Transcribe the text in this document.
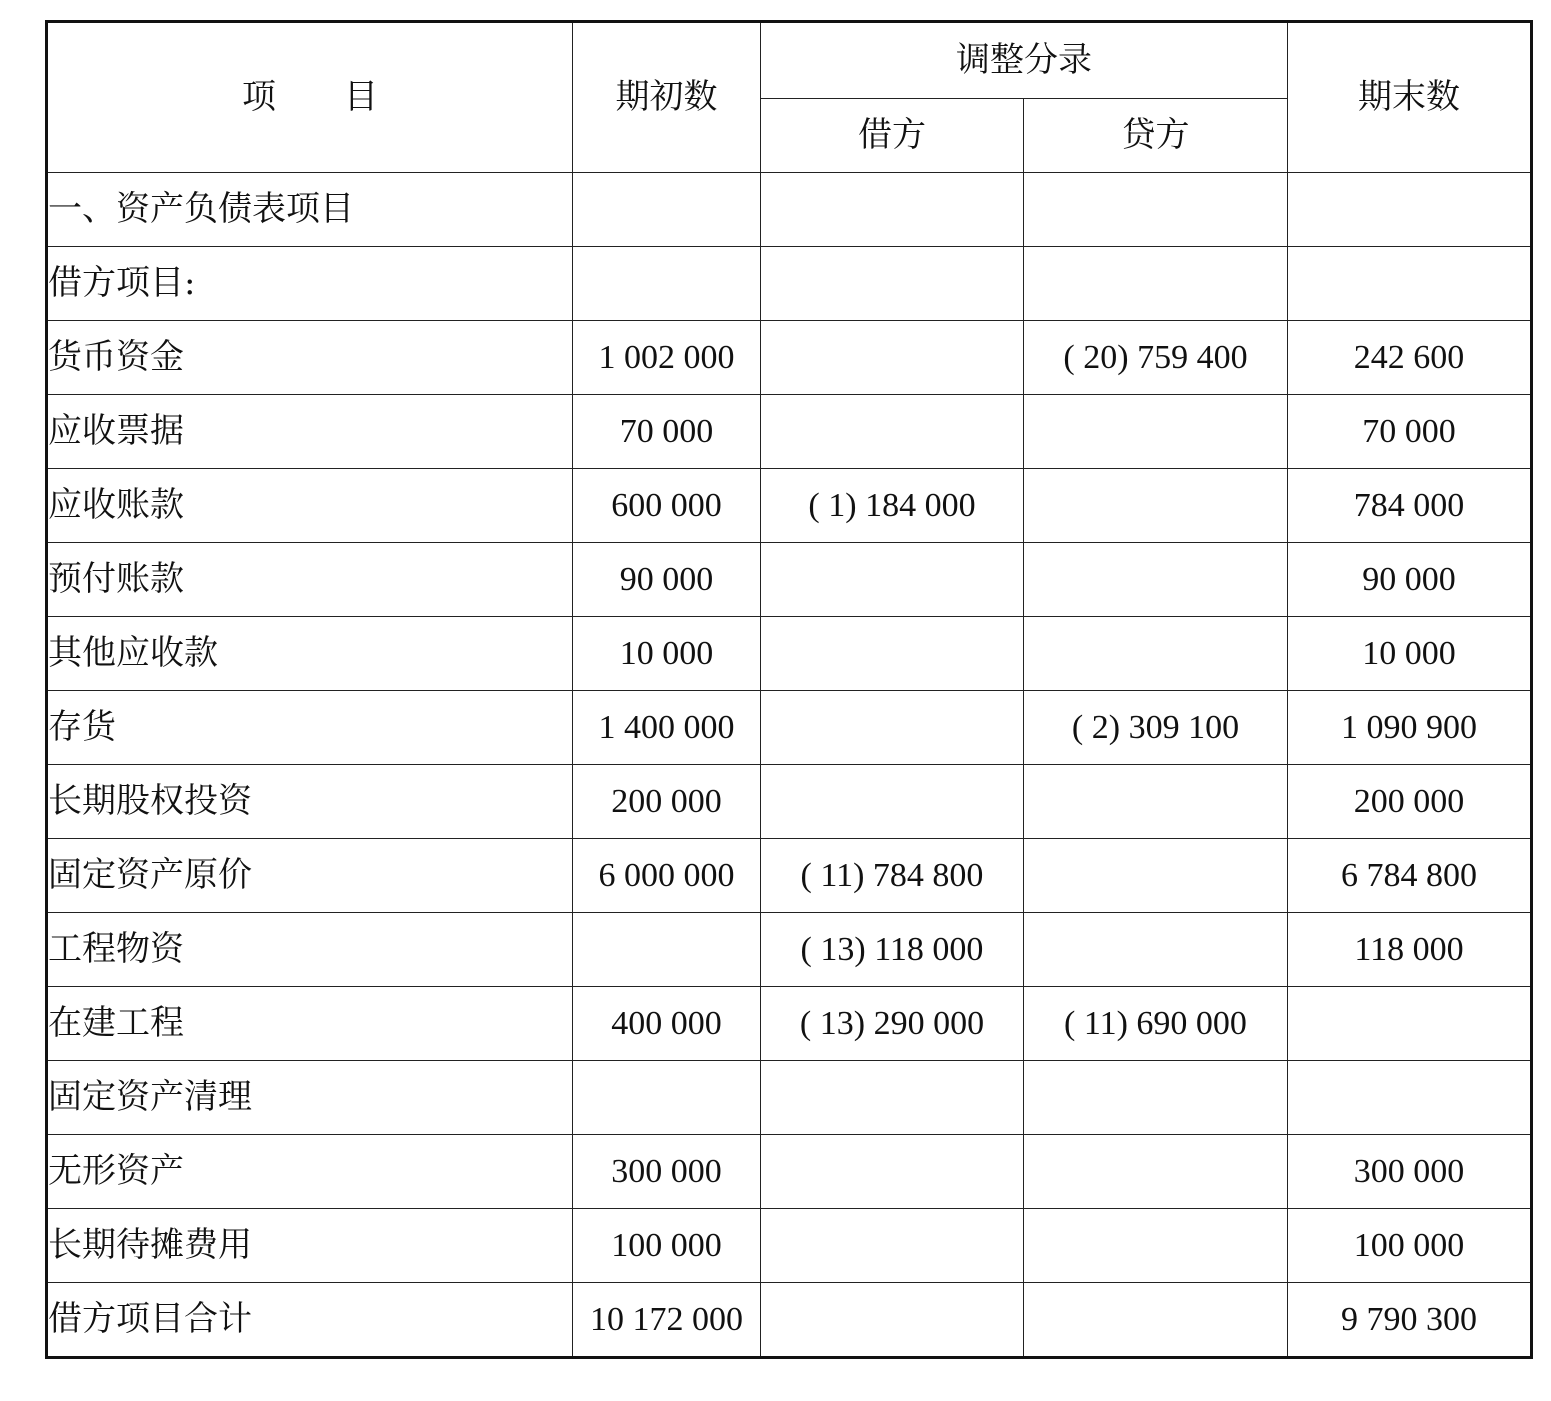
项　　目	期初数	调整分录		期末数
		借方	贷方	
一、资产负债表项目				
借方项目:				
货币资金	1 002 000		( 20) 759 400	242 600
应收票据	70 000			70 000
应收账款	600 000	( 1) 184 000		784 000
预付账款	90 000			90 000
其他应收款	10 000			10 000
存货	1 400 000		( 2) 309 100	1 090 900
长期股权投资	200 000			200 000
固定资产原价	6 000 000	( 11) 784 800		6 784 800
工程物资		( 13) 118 000		118 000
在建工程	400 000	( 13) 290 000	( 11) 690 000	
固定资产清理				
无形资产	300 000			300 000
长期待摊费用	100 000			100 000
借方项目合计	10 172 000			9 790 300
